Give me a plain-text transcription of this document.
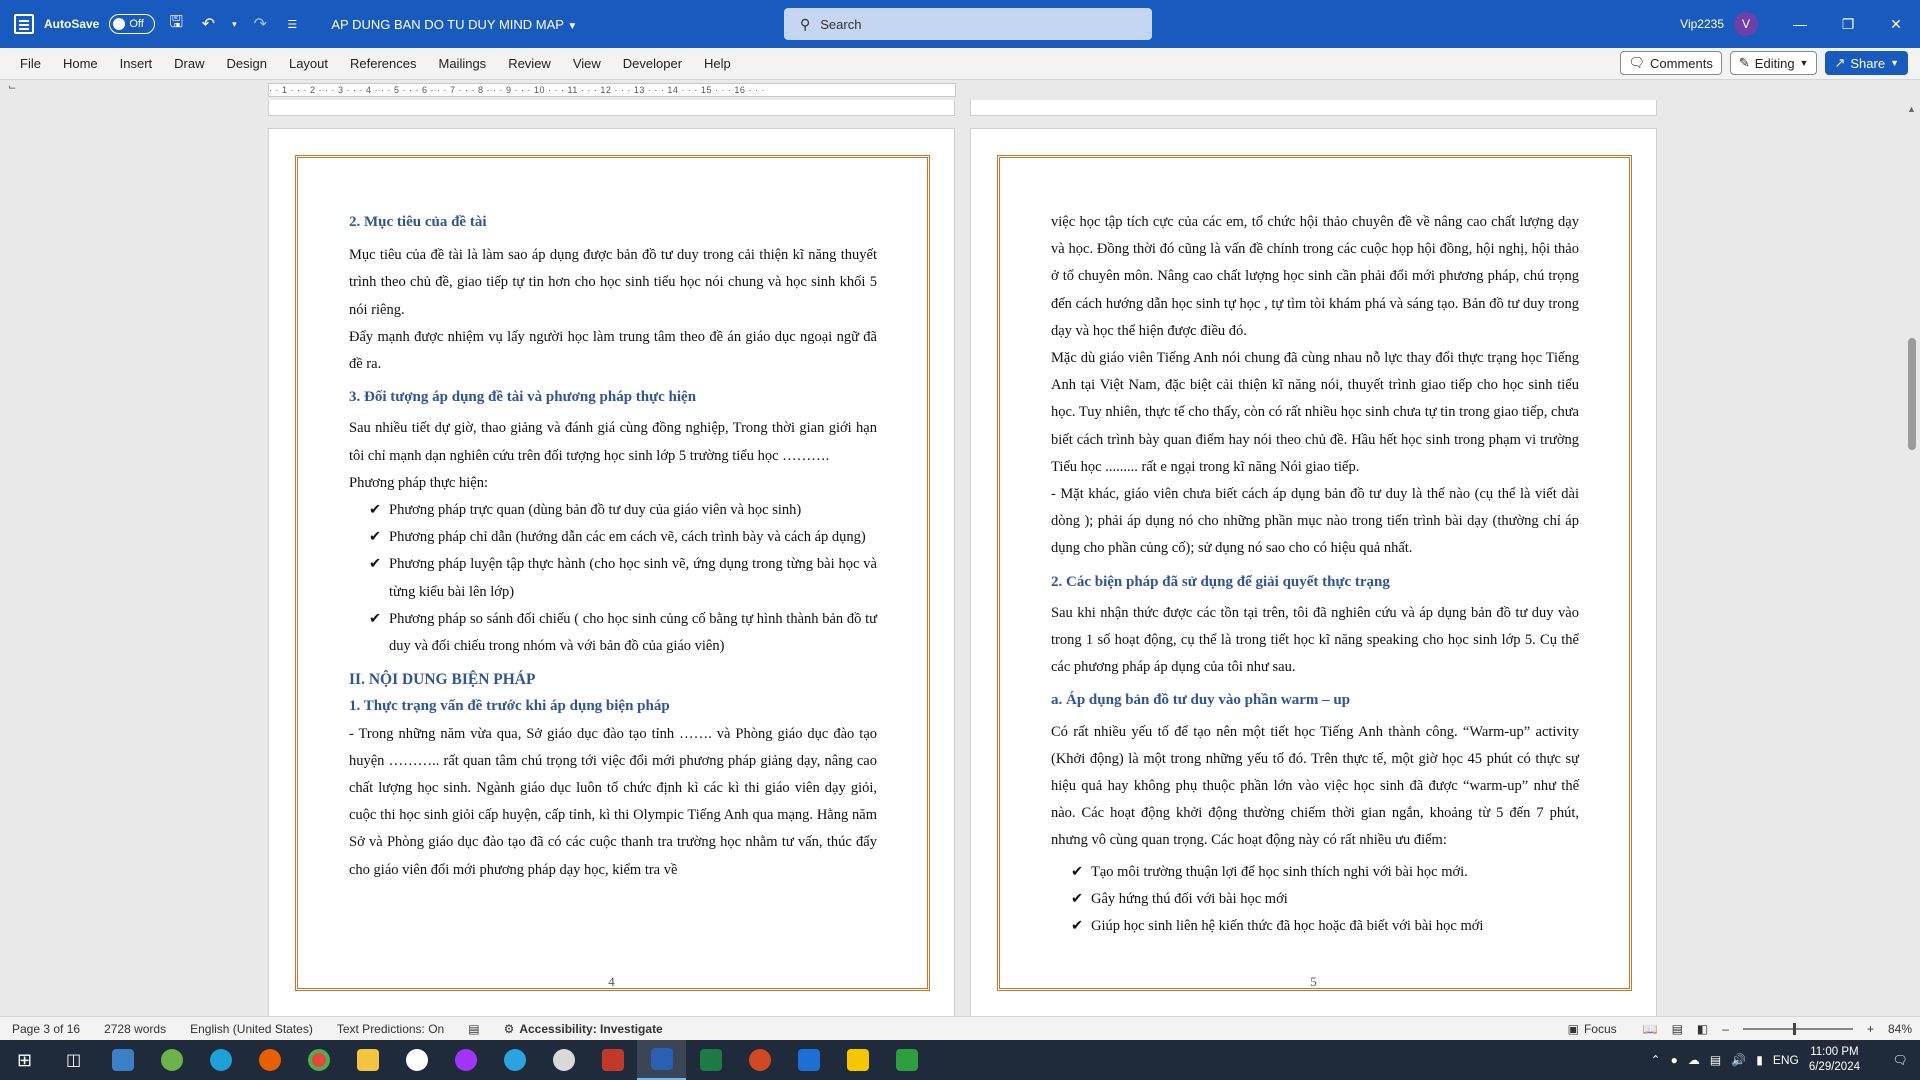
AutoSave	Off 🖫 ↶	▾ ↷	☰	AP DUNG BAN DO TU DUY MIND MAP ▼	⚲ Search	Vip2235	V	—	❐	✕
File	Home	Insert	Draw	Design	Layout	References	Mailings	Review	View	Developer	Help	🗨 Comments ✎ Editing ▼ ↗ Share ▼
⌙	· · 1 · · · 2 · · · 3 · · · 4 · · · 5 · · · 6 · · · 7 · · · 8 · · · 9 · · · 10 · · · 11 · · · 12 · · · 13 · · · 14 · · · 15 · · · 16 · · ·
2. Mục tiêu của đề tài

Mục tiêu của đề tài là làm sao áp dụng được bản đồ tư duy trong cải thiện kĩ năng thuyết trình theo chủ đề, giao tiếp tự tin hơn cho học sinh tiểu học nói chung và học sinh khối 5 nói riêng.

Đẩy mạnh được nhiệm vụ lấy người học làm trung tâm theo đề án giáo dục ngoại ngữ đã đề ra.

3. Đối tượng áp dụng đề tài và phương pháp thực hiện

Sau nhiều tiết dự giờ, thao giảng và đánh giá cùng đồng nghiệp, Trong thời gian giới hạn tôi chỉ mạnh dạn nghiên cứu trên đối tượng học sinh lớp 5 trường tiểu học ……….

Phương pháp thực hiện:

✔ Phương pháp trực quan (dùng bản đồ tư duy của giáo viên và học sinh)
✔ Phương pháp chỉ dẫn (hướng dẫn các em cách vẽ, cách trình bày và cách áp dụng)
✔ Phương pháp luyện tập thực hành (cho học sinh vẽ, ứng dụng trong từng bài học và từng kiểu bài lên lớp)
✔ Phương pháp so sánh đối chiếu ( cho học sinh củng cố bằng tự hình thành bản đồ tư duy và đối chiếu trong nhóm và với bản đồ của giáo viên)
II. NỘI DUNG BIỆN PHÁP
1. Thực trạng vấn đề trước khi áp dụng biện pháp

- Trong những năm vừa qua, Sở giáo dục đào tạo tỉnh ……. và Phòng giáo dục đào tạo huyện ……….. rất quan tâm chú trọng tới việc đổi mới phương pháp giảng dạy, nâng cao chất lượng học sinh. Ngành giáo dục luôn tổ chức định kì các kì thi giáo viên dạy giỏi, cuộc thi học sinh giỏi cấp huyện, cấp tỉnh, kì thi Olympic Tiếng Anh qua mạng. Hằng năm Sở và Phòng giáo dục đào tạo đã có các cuộc thanh tra trường học nhằm tư vấn, thúc đẩy cho giáo viên đổi mới phương pháp dạy học, kiểm tra về

4

việc học tập tích cực của các em, tổ chức hội thảo chuyên đề về nâng cao chất lượng dạy và học. Đồng thời đó cũng là vấn đề chính trong các cuộc họp hội đồng, hội nghị, hội thảo ở tổ chuyên môn. Nâng cao chất lượng học sinh cần phải đổi mới phương pháp, chú trọng đến cách hướng dẫn học sinh tự học , tự tìm tòi khám phá và sáng tạo. Bản đồ tư duy trong dạy và học thể hiện được điều đó.

Mặc dù giáo viên Tiếng Anh nói chung đã cùng nhau nỗ lực thay đổi thực trạng học Tiếng Anh tại Việt Nam, đặc biệt cải thiện kĩ năng nói, thuyết trình giao tiếp cho học sinh tiểu học. Tuy nhiên, thực tế cho thấy, còn có rất nhiều học sinh chưa tự tin trong giao tiếp, chưa biết cách trình bày quan điểm hay nói theo chủ đề. Hầu hết học sinh trong phạm vi trường Tiểu học ......... rất e ngại trong kĩ năng Nói giao tiếp.

- Mặt khác, giáo viên chưa biết cách áp dụng bản đồ tư duy là thế nào (cụ thể là viết dài dòng ); phải áp dụng nó cho những phần mục nào trong tiến trình bài dạy (thường chỉ áp dụng cho phần củng cố); sử dụng nó sao cho có hiệu quả nhất.

2. Các biện pháp đã sử dụng để giải quyết thực trạng

Sau khi nhận thức được các tồn tại trên, tôi đã nghiên cứu và áp dụng bản đồ tư duy vào trong 1 số hoạt động, cụ thể là trong tiết học kĩ năng speaking cho học sinh lớp 5. Cụ thể các phương pháp áp dụng của tôi như sau.

a. Áp dụng bản đồ tư duy vào phần warm – up

Có rất nhiều yếu tố để tạo nên một tiết học Tiếng Anh thành công. “Warm-up” activity (Khởi động) là một trong những yếu tố đó. Trên thực tế, một giờ học 45 phút có thực sự hiệu quả hay không phụ thuộc phần lớn vào việc học sinh đã được “warm-up” như thế nào. Các hoạt động khởi động thường chiếm thời gian ngắn, khoảng từ 5 đến 7 phút, nhưng vô cùng quan trọng. Các hoạt động này có rất nhiều ưu điểm:

✔ Tạo môi trường thuận lợi để học sinh thích nghi với bài học mới.
✔ Gây hứng thú đối với bài học mới
✔ Giúp học sinh liên hệ kiến thức đã học hoặc đã biết với bài học mới
5
▲
Page 3 of 16	2728 words	English (United States)	Text Predictions: On	▤	⚙ Accessibility: Investigate	▣ Focus 📖 ▤ ◧ –	+ 84%
⊞ ◫	⌃ ● ☁ ▤ 🔊 ▮ ENG
11:00 PM
6/29/2024	🗨
